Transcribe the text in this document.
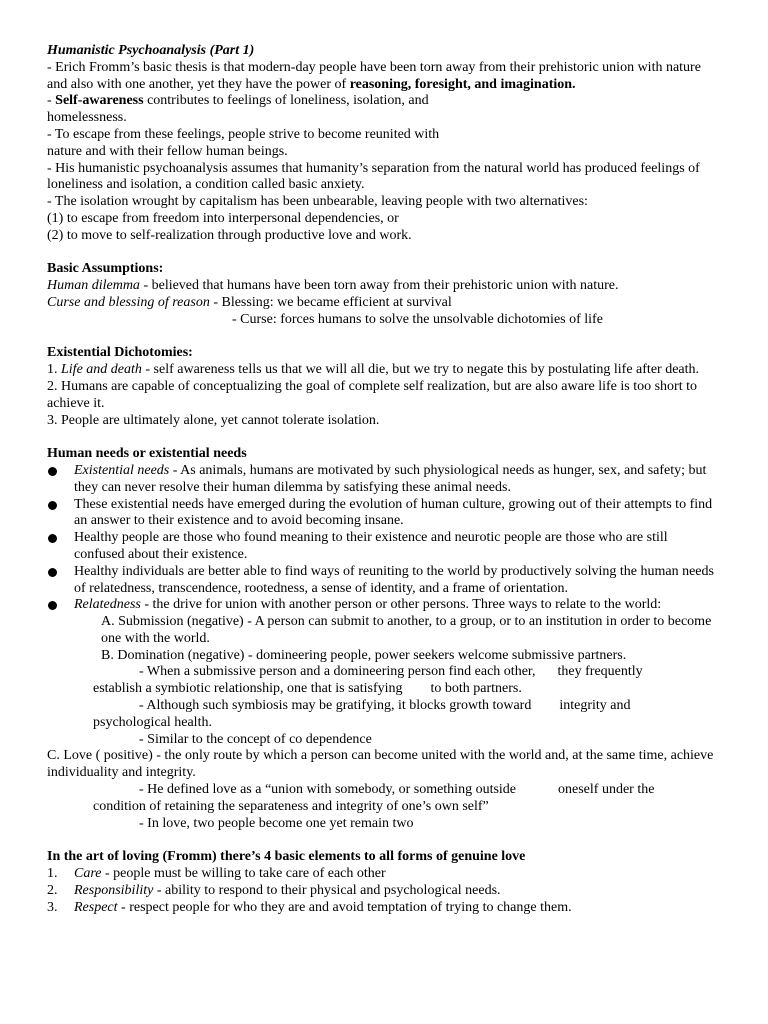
Humanistic Psychoanalysis (Part 1)

- Erich Fromm’s basic thesis is that modern-day people have been torn away from their prehistoric union with nature and also with one another, yet they have the power of reasoning, foresight, and imagination.

- Self-awareness contributes to feelings of loneliness, isolation, and
homelessness.

- To escape from these feelings, people strive to become reunited with
nature and with their fellow human beings.

- His humanistic psychoanalysis assumes that humanity’s separation from the natural world has produced feelings of loneliness and isolation, a condition called basic anxiety.

- The isolation wrought by capitalism has been unbearable, leaving people with two alternatives:

(1) to escape from freedom into interpersonal dependencies, or

(2) to move to self-realization through productive love and work.

Basic Assumptions:

Human dilemma - believed that humans have been torn away from their prehistoric union with nature.

Curse and blessing of reason - Blessing: we became efficient at survival

- Curse: forces humans to solve the unsolvable dichotomies of life

Existential Dichotomies:

1. Life and death - self awareness tells us that we will all die, but we try to negate this by postulating life after death.

2. Humans are capable of conceptualizing the goal of complete self realization, but are also aware life is too short to achieve it.

3. People are ultimately alone, yet cannot tolerate isolation.

Human needs or existential needs

Existential needs - As animals, humans are motivated by such physiological needs as hunger, sex, and safety; but they can never resolve their human dilemma by satisfying these animal needs.
These existential needs have emerged during the evolution of human culture, growing out of their attempts to find an answer to their existence and to avoid becoming insane.
Healthy people are those who found meaning to their existence and neurotic people are those who are still confused about their existence.
Healthy individuals are better able to find ways of reuniting to the world by productively solving the human needs of relatedness, transcendence, rootedness, a sense of identity, and a frame of orientation.
Relatedness - the drive for union with another person or other persons. Three ways to relate to the world:

A. Submission (negative) - A person can submit to another, to a group, or to an institution in order to become one with the world.

B. Domination (negative) - domineering people, power seekers welcome submissive partners.

- When a submissive person and a domineering person find each other, they frequently
establish a symbiotic relationship, one that is satisfying to both partners.

- Although such symbiosis may be gratifying, it blocks growth toward integrity and
psychological health.

- Similar to the concept of co dependence

C. Love ( positive) - the only route by which a person can become united with the world and, at the same time, achieve individuality and integrity.

- He defined love as a “union with somebody, or something outside	oneself under the
condition of retaining the separateness and integrity of one’s own self”

- In love, two people become one yet remain two

In the art of loving (Fromm) there’s 4 basic elements to all forms of genuine love

1. Care - people must be willing to take care of each other
2. Responsibility - ability to respond to their physical and psychological needs.
3. Respect - respect people for who they are and avoid temptation of trying to change them.
